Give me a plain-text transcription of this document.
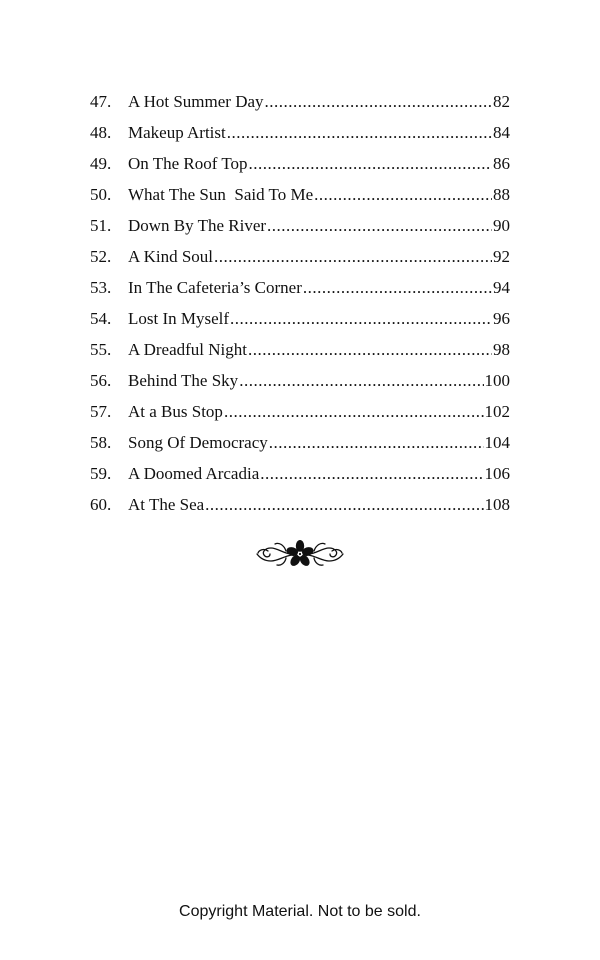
47. A Hot Summer Day .....	82
48. Makeup Artist .....	84
49. On The Roof Top .....	86
50. What The Sun  Said To Me .....	88
51. Down By The River .....	90
52. A Kind Soul .....	92
53. In The Cafeteria’s Corner .....	94
54. Lost In Myself .....	96
55. A Dreadful Night .....	98
56. Behind The Sky .....	100
57. At a Bus Stop .....	102
58. Song Of Democracy .....	104
59. A Doomed Arcadia .....	106
60. At The Sea .....	108
Copyright Material. Not to be sold.
